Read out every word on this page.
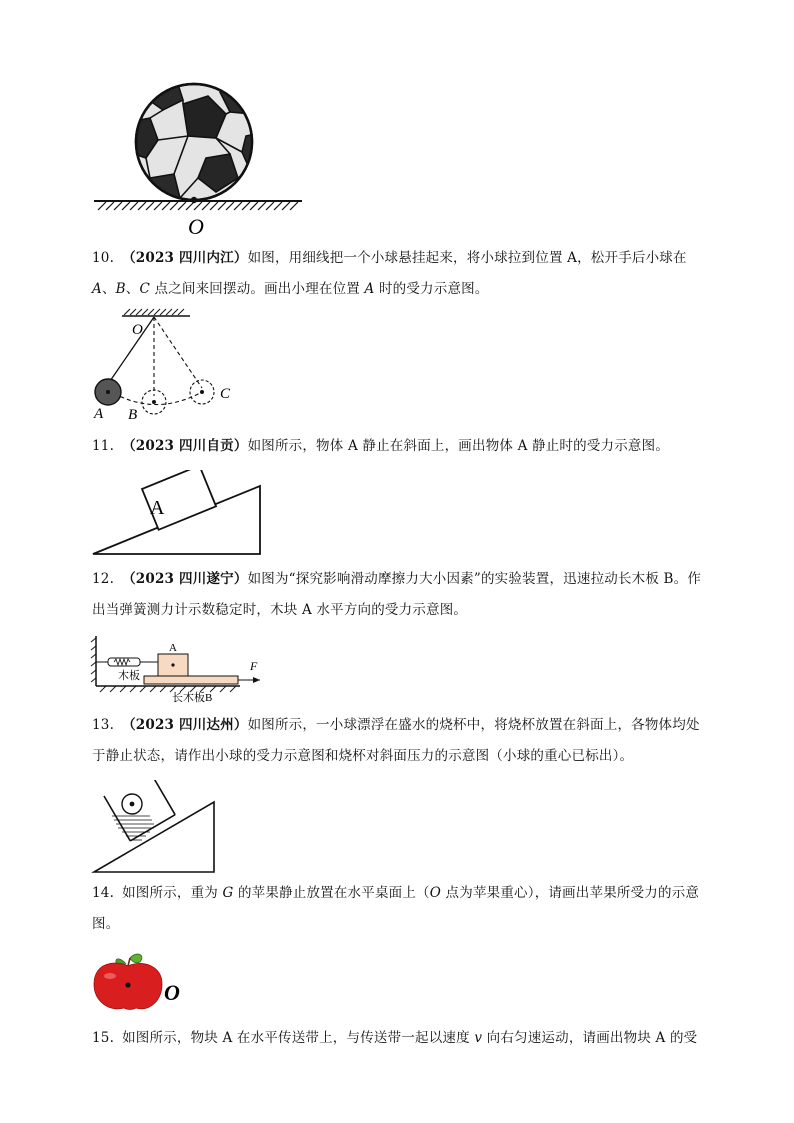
O

10. （2023 四川内江）如图，用细线把一个小球悬挂起来，将小球拉到位置 A，松开手后小球在 A、B、C 点之间来回摆动。画出小理在位置 A 时的受力示意图。

O
A B
C

11. （2023 四川自贡）如图所示，物体 A 静止在斜面上，画出物体 A 静止时的受力示意图。

A

12. （2023 四川遂宁）如图为“探究影响滑动摩擦力大小因素”的实验装置，迅速拉动长木板 B。作出当弹簧测力计示数稳定时，木块 A 水平方向的受力示意图。

A
木板
F
长木板B

13. （2023 四川达州）如图所示，一小球漂浮在盛水的烧杯中，将烧杯放置在斜面上，各物体均处于静止状态，请作出小球的受力示意图和烧杯对斜面压力的示意图（小球的重心已标出）。

14. 如图所示，重为 G 的苹果静止放置在水平桌面上（O 点为苹果重心），请画出苹果所受力的示意图。

O

15. 如图所示，物块 A 在水平传送带上，与传送带一起以速度 v 向右匀速运动，请画出物块 A 的受
